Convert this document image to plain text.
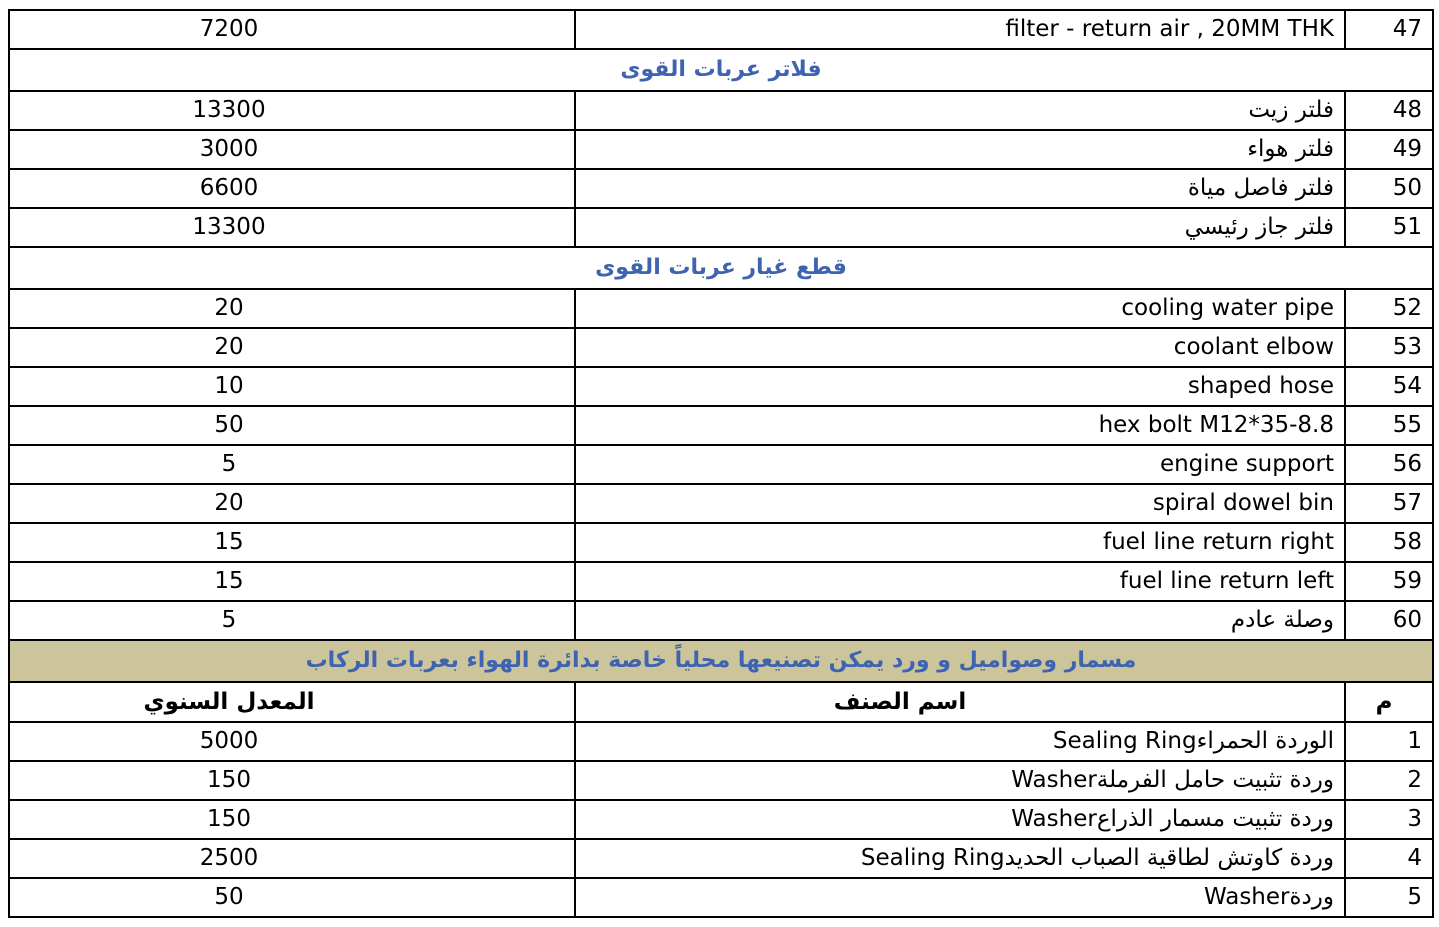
7200	filter - return air , 20MM THK	47
فلاتر عربات القوى		
13300	فلتر زيت	48
3000	فلتر هواء	49
6600	فلتر فاصل مياة	50
13300	فلتر جاز رئيسي	51
قطع غيار عربات القوى		
20	cooling water pipe	52
20	coolant elbow	53
10	shaped hose	54
50	hex bolt M12*35-8.8	55
5	engine support	56
20	spiral dowel bin	57
15	fuel line return right	58
15	fuel line return left	59
5	وصلة عادم	60
مسمار وصواميل و ورد يمكن تصنيعها محلياً خاصة بدائرة الهواء بعربات الركاب		
المعدل السنوي	اسم الصنف	م
5000	الوردة الحمراءSealing Ring	1
150	وردة تثبيت حامل الفرملةWasher	2
150	وردة تثبيت مسمار الذراعWasher	3
2500	وردة كاوتش لطاقية الصباب الحديدSealing Ring	4
50	وردةWasher	5
